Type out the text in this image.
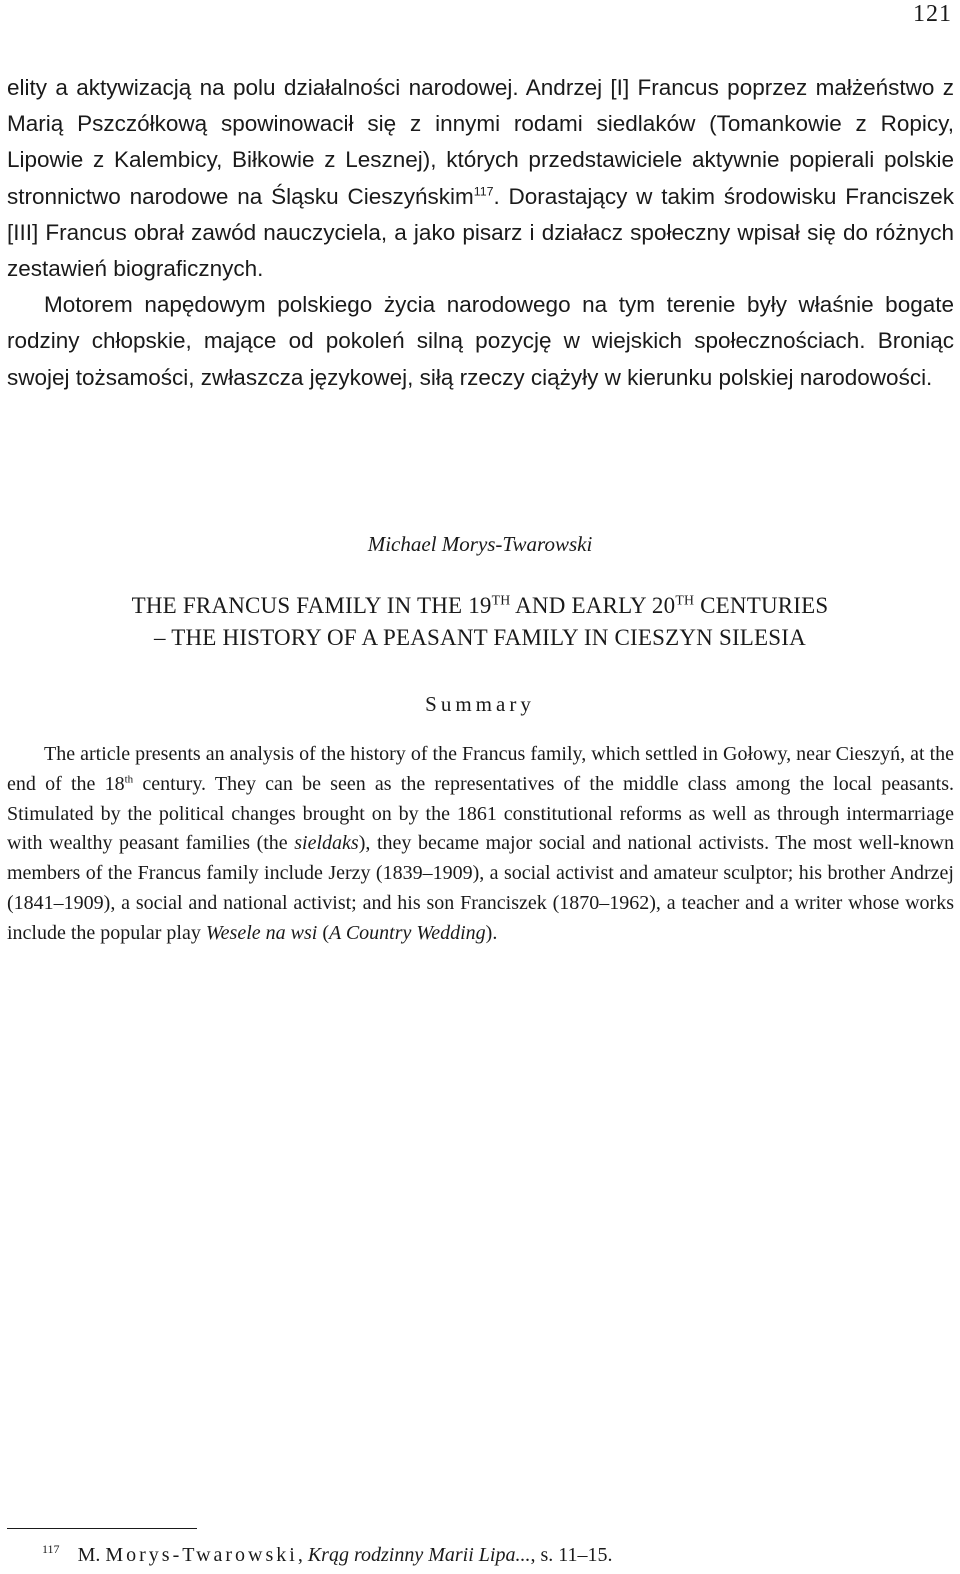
121

elity a aktywizacją na polu działalności narodowej. Andrzej [I] Francus poprzez małżeństwo z Marią Pszczółkową spowinowacił się z innymi rodami siedlaków (Tomankowie z Ropicy, Lipowie z Kalembicy, Biłkowie z Lesznej), których przedstawiciele aktywnie popierali polskie stronnictwo narodowe na Śląsku Cieszyńskim$^{117}$. Dorastający w takim środowisku Franciszek [III] Francus obrał zawód nauczyciela, a jako pisarz i działacz społeczny wpisał się do różnych zestawień biograficznych.

Motorem napędowym polskiego życia narodowego na tym terenie były właśnie bogate rodziny chłopskie, mające od pokoleń silną pozycję w wiejskich społecznościach. Broniąc swojej tożsamości, zwłaszcza językowej, siłą rzeczy ciążyły w kierunku polskiej narodowości.

Michael Morys-Twarowski
THE FRANCUS FAMILY IN THE 19TH AND EARLY 20TH CENTURIES
– THE HISTORY OF A PEASANT FAMILY IN CIESZYN SILESIA
Summary

The article presents an analysis of the history of the Francus family, which settled in Gołowy, near Cieszyń, at the end of the 18th century. They can be seen as the representatives of the middle class among the local peasants. Stimulated by the political changes brought on by the 1861 constitutional reforms as well as through intermarriage with wealthy peasant families (the sieldaks), they became major social and national activists. The most well-known members of the Francus family include Jerzy (1839–1909), a social activist and amateur sculptor; his brother Andrzej (1841–1909), a social and national activist; and his son Franciszek (1870–1962), a teacher and a writer whose works include the popular play Wesele na wsi (A Country Wedding).

$^{117}$ M. Morys-Twarowski, Krąg rodzinny Marii Lipa..., s. 11–15.
